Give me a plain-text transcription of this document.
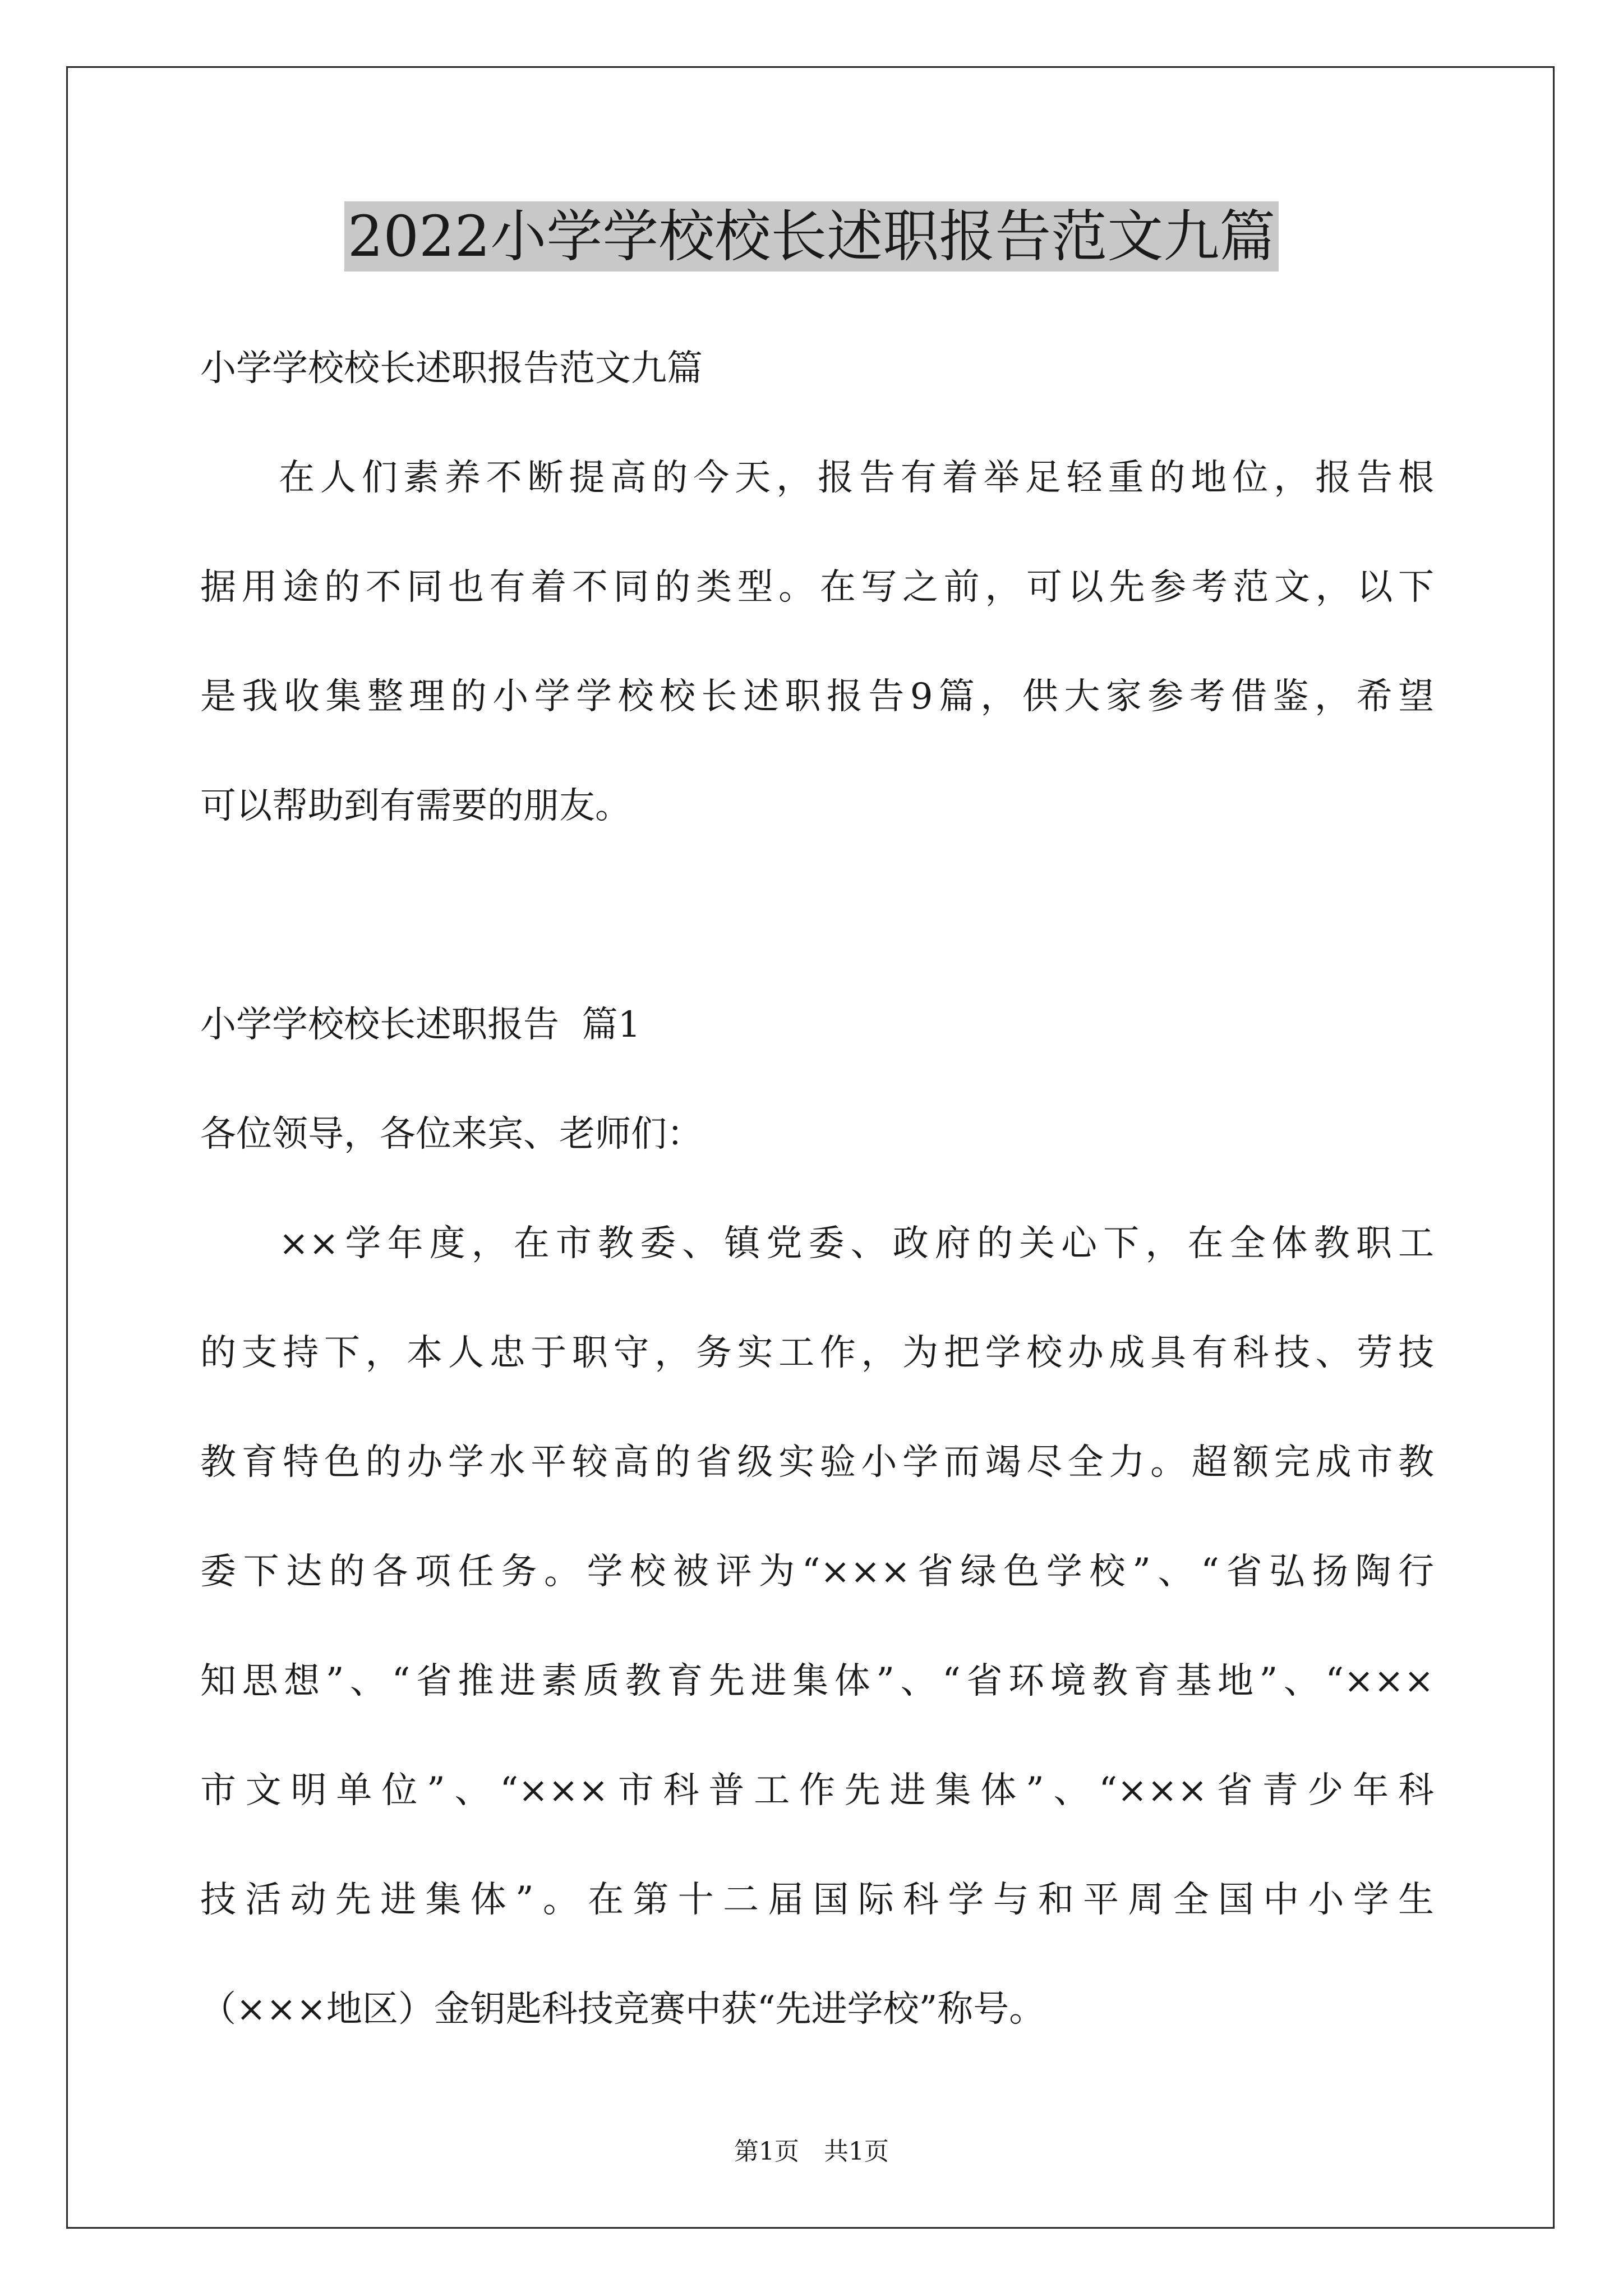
2022小学学校校长述职报告范文九篇

小学学校校长述职报告范文九篇

在人们素养不断提高的今天，报告有着举足轻重的地位，报告根

据用途的不同也有着不同的类型。在写之前，可以先参考范文，以下

是我收集整理的小学学校校长述职报告9篇，供大家参考借鉴，希望

可以帮助到有需要的朋友。

小学学校校长述职报告  篇1

各位领导，各位来宾、老师们：

××学年度，在市教委、镇党委、政府的关心下，在全体教职工

的支持下，本人忠于职守，务实工作，为把学校办成具有科技、劳技

教育特色的办学水平较高的省级实验小学而竭尽全力。超额完成市教

委下达的各项任务。学校被评为“×××省绿色学校”、“省弘扬陶行

知思想”、“省推进素质教育先进集体”、“省环境教育基地”、“×××

市文明单位”、“×××市科普工作先进集体”、“×××省青少年科

技活动先进集体”。在第十二届国际科学与和平周全国中小学生

（×××地区）金钥匙科技竞赛中获“先进学校”称号。

第1页　共1页
